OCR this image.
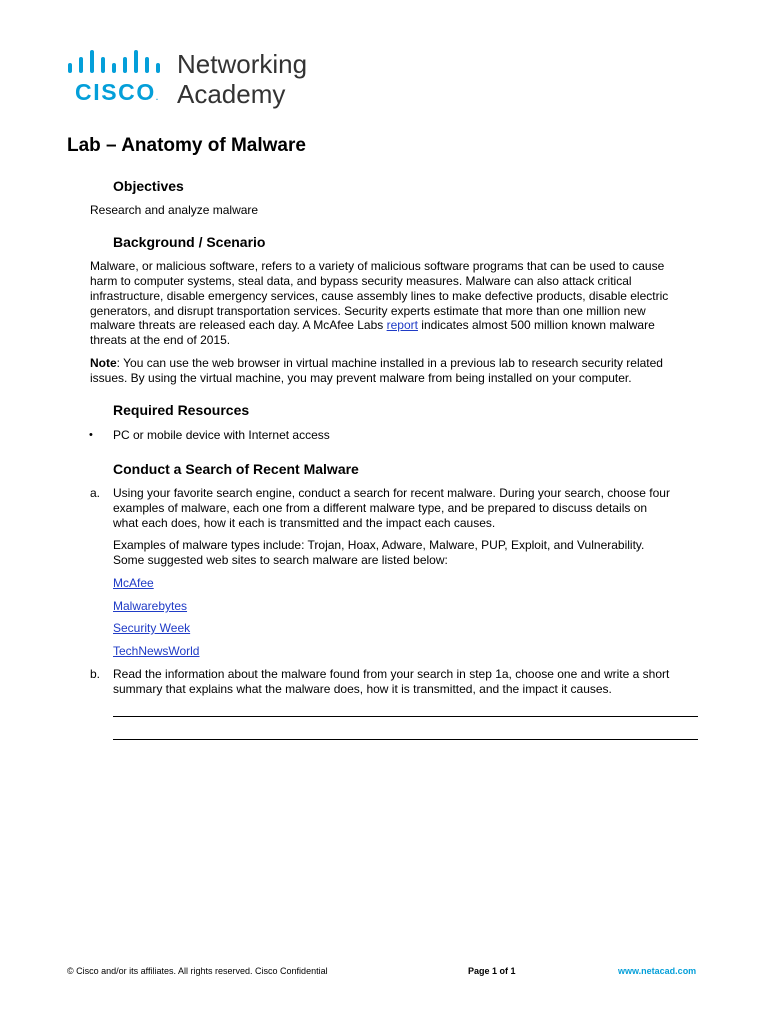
CISCO.
Networking
Academy
Lab – Anatomy of Malware
Objectives
Research and analyze malware
Background / Scenario
Malware, or malicious software, refers to a variety of malicious software programs that can be used to cause
harm to computer systems, steal data, and bypass security measures. Malware can also attack critical
infrastructure, disable emergency services, cause assembly lines to make defective products, disable electric
generators, and disrupt transportation services. Security experts estimate that more than one million new
malware threats are released each day. A McAfee Labs report indicates almost 500 million known malware
threats at the end of 2015.
Note: You can use the web browser in virtual machine installed in a previous lab to research security related
issues. By using the virtual machine, you may prevent malware from being installed on your computer.
Required Resources
• PC or mobile device with Internet access
Conduct a Search of Recent Malware
a. Using your favorite search engine, conduct a search for recent malware. During your search, choose four
examples of malware, each one from a different malware type, and be prepared to discuss details on
what each does, how it each is transmitted and the impact each causes.
Examples of malware types include: Trojan, Hoax, Adware, Malware, PUP, Exploit, and Vulnerability.
Some suggested web sites to search malware are listed below:
McAfee
Malwarebytes
Security Week
TechNewsWorld
b. Read the information about the malware found from your search in step 1a, choose one and write a short
summary that explains what the malware does, how it is transmitted, and the impact it causes.
© Cisco and/or its affiliates. All rights reserved. Cisco Confidential	Page 1 of 1	www.netacad.com
